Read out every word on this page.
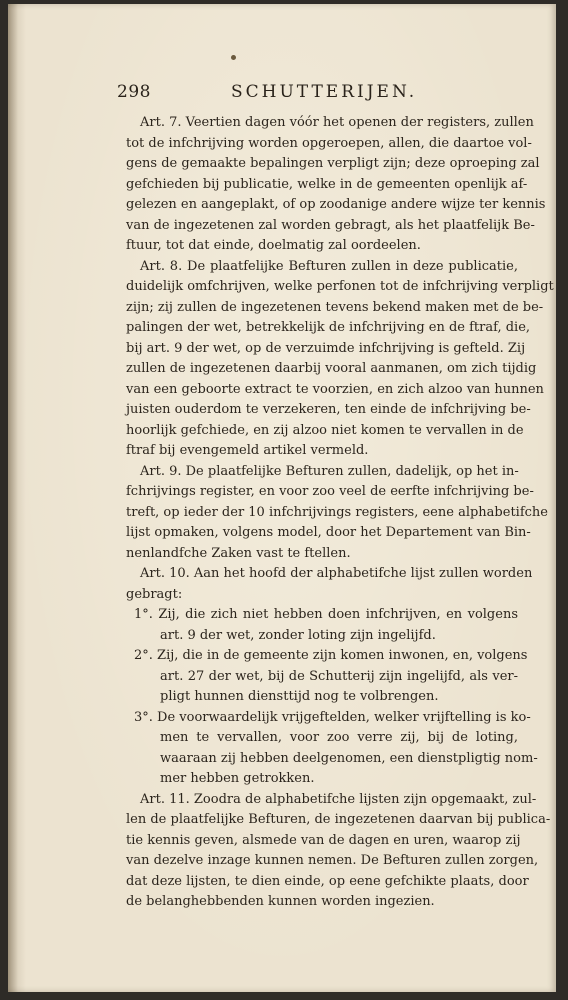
298	SCHUTTERIJEN.
Art. 7. Veertien dagen vóór het openen der registers, zullen
tot de infchrijving worden opgeroepen, allen, die daartoe vol-
gens de gemaakte bepalingen verpligt zijn; deze oproeping zal
gefchieden bij publicatie, welke in de gemeenten openlijk af-
gelezen en aangeplakt, of op zoodanige andere wijze ter kennis
van de ingezetenen zal worden gebragt, als het plaatfelijk Be-
ftuur, tot dat einde, doelmatig zal oordeelen.
Art. 8. De plaatfelijke Befturen zullen in deze publicatie,
duidelijk omfchrijven, welke perfonen tot de infchrijving verpligt
zijn; zij zullen de ingezetenen tevens bekend maken met de be-
palingen der wet, betrekkelijk de infchrijving en de ftraf, die,
bij art. 9 der wet, op de verzuimde infchrijving is gefteld. Zij
zullen de ingezetenen daarbij vooral aanmanen, om zich tijdig
van een geboorte extract te voorzien, en zich alzoo van hunnen
juisten ouderdom te verzekeren, ten einde de infchrijving be-
hoorlijk gefchiede, en zij alzoo niet komen te vervallen in de
ftraf bij evengemeld artikel vermeld.
Art. 9. De plaatfelijke Befturen zullen, dadelijk, op het in-
fchrijvings register, en voor zoo veel de eerfte infchrijving be-
treft, op ieder der 10 infchrijvings registers, eene alphabetifche
lijst opmaken, volgens model, door het Departement van Bin-
nenlandfche Zaken vast te ftellen.
Art. 10. Aan het hoofd der alphabetifche lijst zullen worden
gebragt:
1°. Zij, die zich niet hebben doen infchrijven, en volgens
art. 9 der wet, zonder loting zijn ingelijfd.
2°. Zij, die in de gemeente zijn komen inwonen, en, volgens
art. 27 der wet, bij de Schutterij zijn ingelijfd, als ver-
pligt hunnen diensttijd nog te volbrengen.
3°. De voorwaardelijk vrijgeftelden, welker vrijftelling is ko-
men te vervallen, voor zoo verre zij, bij de loting,
waaraan zij hebben deelgenomen, een dienstpligtig nom-
mer hebben getrokken.
Art. 11. Zoodra de alphabetifche lijsten zijn opgemaakt, zul-
len de plaatfelijke Befturen, de ingezetenen daarvan bij publica-
tie kennis geven, alsmede van de dagen en uren, waarop zij
van dezelve inzage kunnen nemen. De Befturen zullen zorgen,
dat deze lijsten, te dien einde, op eene gefchikte plaats, door
de belanghebbenden kunnen worden ingezien.
